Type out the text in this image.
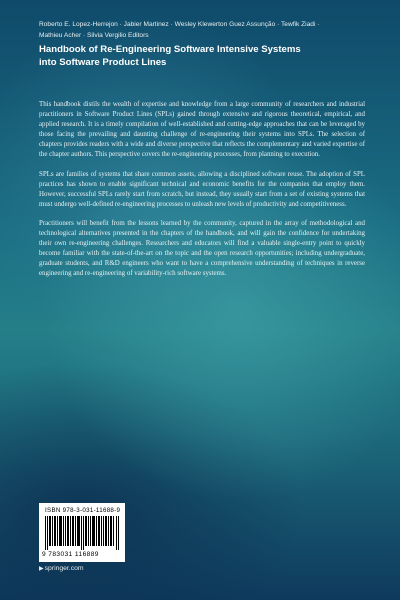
Roberto E. Lopez-Herrejon · Jabier Martinez · Wesley Klewerton Guez Assunção · Tewfik Ziadi ·
Mathieu Acher · Silvia Vergilio Editors
Handbook of Re-Engineering Software Intensive Systems
into Software Product Lines

This handbook distils the wealth of expertise and knowledge from a large community of researchers and industrial practitioners in Software Product Lines (SPLs) gained through extensive and rigorous theoretical, empirical, and applied research. It is a timely compilation of well-established and cutting-edge approaches that can be leveraged by those facing the prevailing and daunting challenge of re-engineering their systems into SPLs. The selection of chapters provides readers with a wide and diverse perspective that reflects the complementary and varied expertise of the chapter authors. This perspective covers the re-engineering processes, from planning to execution.

SPLs are families of systems that share common assets, allowing a disciplined software reuse. The adoption of SPL practices has shown to enable significant technical and economic benefits for the companies that employ them. However, successful SPLs rarely start from scratch, but instead, they usually start from a set of existing systems that must undergo well-defined re-engineering processes to unleash new levels of productivity and competitiveness.

Practitioners will benefit from the lessons learned by the community, captured in the array of methodological and technological alternatives presented in the chapters of the handbook, and will gain the confidence for undertaking their own re-engineering challenges. Researchers and educators will find a valuable single-entry point to quickly become familiar with the state-of-the-art on the topic and the open research opportunities; including undergraduate, graduate students, and R&D engineers who want to have a comprehensive understanding of techniques in reverse engineering and re-engineering of variability-rich software systems.

ISBN 978-3-031-11688-9
9 783031 116889
▶springer.com
